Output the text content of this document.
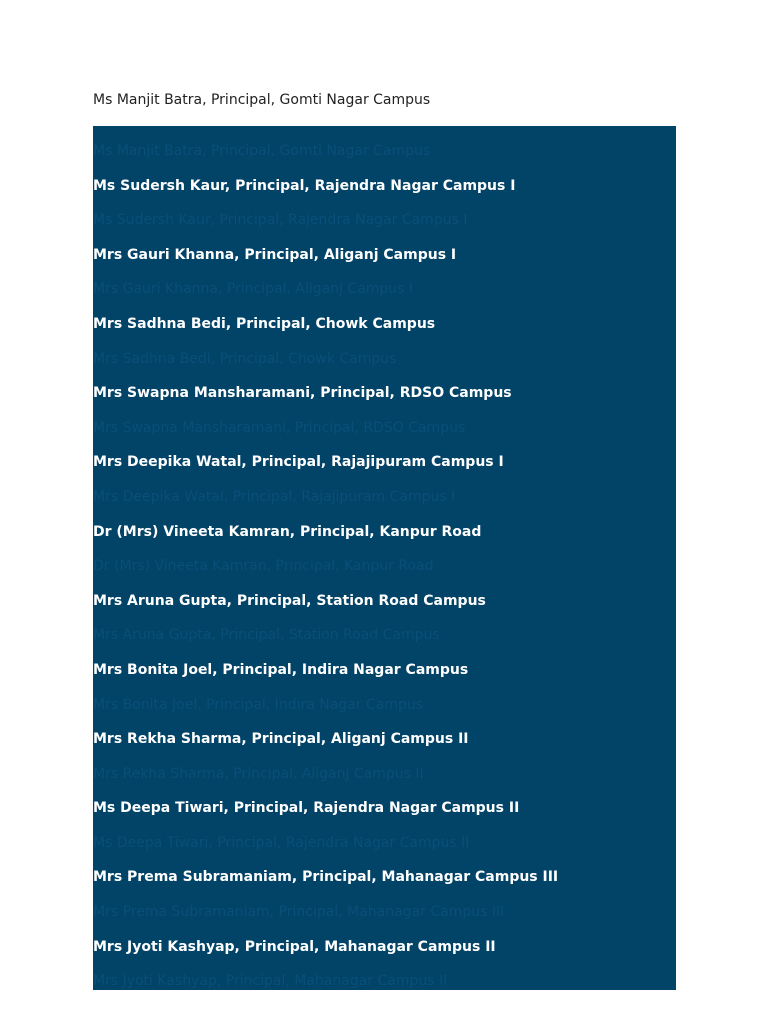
Ms Manjit Batra, Principal, Gomti Nagar Campus
Ms Manjit Batra, Principal, Gomti Nagar Campus
Ms Sudersh Kaur, Principal, Rajendra Nagar Campus I
Ms Sudersh Kaur, Principal, Rajendra Nagar Campus I
Mrs Gauri Khanna, Principal, Aliganj Campus I
Mrs Gauri Khanna, Principal, Aliganj Campus I
Mrs Sadhna Bedi, Principal, Chowk Campus
Mrs Sadhna Bedi, Principal, Chowk Campus
Mrs Swapna Mansharamani, Principal, RDSO Campus
Mrs Swapna Mansharamani, Principal, RDSO Campus
Mrs Deepika Watal, Principal, Rajajipuram Campus I
Mrs Deepika Watal, Principal, Rajajipuram Campus I
Dr (Mrs) Vineeta Kamran, Principal, Kanpur Road
Dr (Mrs) Vineeta Kamran, Principal, Kanpur Road
Mrs Aruna Gupta, Principal, Station Road Campus
Mrs Aruna Gupta, Principal, Station Road Campus
Mrs Bonita Joel, Principal, Indira Nagar Campus
Mrs Bonita Joel, Principal, Indira Nagar Campus
Mrs Rekha Sharma, Principal, Aliganj Campus II
Mrs Rekha Sharma, Principal, Aliganj Campus II
Ms Deepa Tiwari, Principal, Rajendra Nagar Campus II
Ms Deepa Tiwari, Principal, Rajendra Nagar Campus II
Mrs Prema Subramaniam, Principal, Mahanagar Campus III
Mrs Prema Subramaniam, Principal, Mahanagar Campus III
Mrs Jyoti Kashyap, Principal, Mahanagar Campus II
Mrs Jyoti Kashyap, Principal, Mahanagar Campus II
